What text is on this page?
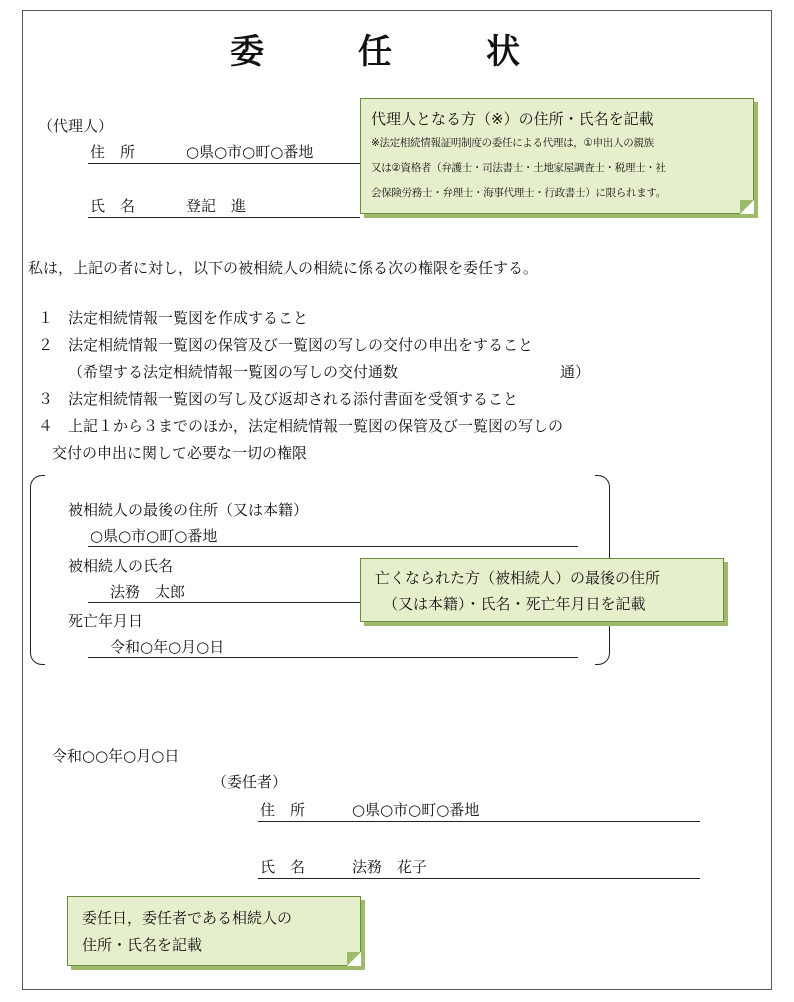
委　任　状
（代理人）
住　所	○県○市○町○番地
氏　名	登記　進
代理人となる方（※）の住所・氏名を記載
※法定相続情報証明制度の委任による代理は，①申出人の親族
又は②資格者（弁護士・司法書士・土地家屋調査士・税理士・社
会保険労務士・弁理士・海事代理士・行政書士）に限られます。
私は，上記の者に対し，以下の被相続人の相続に係る次の権限を委任する。
１　法定相続情報一覧図を作成すること
２　法定相続情報一覧図の保管及び一覧図の写しの交付の申出をすること
（希望する法定相続情報一覧図の写しの交付通数	通）
３　法定相続情報一覧図の写し及び返却される添付書面を受領すること
４　上記１から３までのほか，法定相続情報一覧図の保管及び一覧図の写しの
交付の申出に関して必要な一切の権限
被相続人の最後の住所（又は本籍）
○県○市○町○番地
被相続人の氏名
法務　太郎
死亡年月日
令和○年○月○日
亡くなられた方（被相続人）の最後の住所
（又は本籍）・氏名・死亡年月日を記載
令和○○年○月○日
（委任者）
住　所	○県○市○町○番地
氏　名	法務　花子
委任日，委任者である相続人の
住所・氏名を記載
